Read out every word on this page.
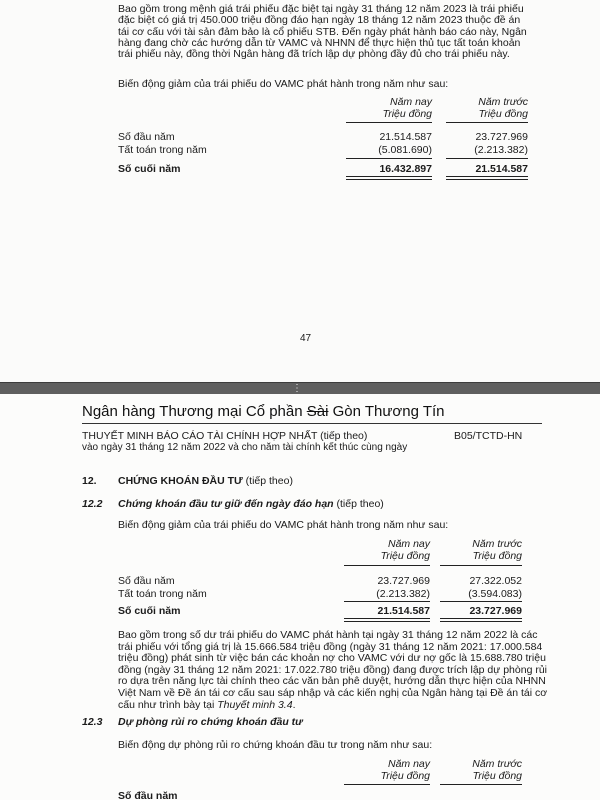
Bao gồm trong mệnh giá trái phiếu đặc biệt tại ngày 31 tháng 12 năm 2023 là trái phiếu
đặc biệt có giá trị 450.000 triệu đồng đáo hạn ngày 18 tháng 12 năm 2023 thuộc đề án
tái cơ cấu với tài sản đảm bảo là cổ phiếu STB. Đến ngày phát hành báo cáo này, Ngân
hàng đang chờ các hướng dẫn từ VAMC và NHNN để thực hiện thủ tục tất toán khoản
trái phiếu này, đồng thời Ngân hàng đã trích lập dự phòng đầy đủ cho trái phiếu này.
Biến động giảm của trái phiếu do VAMC phát hành trong năm như sau:
Năm nay
Triệu đồng
Năm trước
Triệu đồng
Số đầu năm	21.514.587	23.727.969
Tất toán trong năm	(5.081.690)	(2.213.382)
Số cuối năm	16.432.897	21.514.587
47
⋮
Ngân hàng Thương mại Cổ phần Sài Gòn Thương Tín
THUYẾT MINH BÁO CÁO TÀI CHÍNH HỢP NHẤT (tiếp theo)
vào ngày 31 tháng 12 năm 2022 và cho năm tài chính kết thúc cùng ngày
B05/TCTD-HN
12. CHỨNG KHOÁN ĐẦU TƯ (tiếp theo)
12.2 Chứng khoán đầu tư giữ đến ngày đáo hạn (tiếp theo)
Biến động giảm của trái phiếu do VAMC phát hành trong năm như sau:
Năm nay
Triệu đồng
Năm trước
Triệu đồng
Số đầu năm	23.727.969	27.322.052
Tất toán trong năm	(2.213.382)	(3.594.083)
Số cuối năm	21.514.587	23.727.969
Bao gồm trong số dư trái phiếu do VAMC phát hành tại ngày 31 tháng 12 năm 2022 là các
trái phiếu với tổng giá trị là 15.666.584 triệu đồng (ngày 31 tháng 12 năm 2021: 17.000.584
triệu đồng) phát sinh từ việc bán các khoản nợ cho VAMC với dư nợ gốc là 15.688.780 triệu
đồng (ngày 31 tháng 12 năm 2021: 17.022.780 triệu đồng) đang được trích lập dự phòng rủi
ro dựa trên năng lực tài chính theo các văn bản phê duyệt, hướng dẫn thực hiện của NHNN
Việt Nam về Đề án tái cơ cấu sau sáp nhập và các kiến nghị của Ngân hàng tại Đề án tái cơ
cấu như trình bày tại Thuyết minh 3.4.
12.3 Dự phòng rủi ro chứng khoán đầu tư
Biến động dự phòng rủi ro chứng khoán đầu tư trong năm như sau:
Năm nay
Triệu đồng
Năm trước
Triệu đồng
Số đầu năm
